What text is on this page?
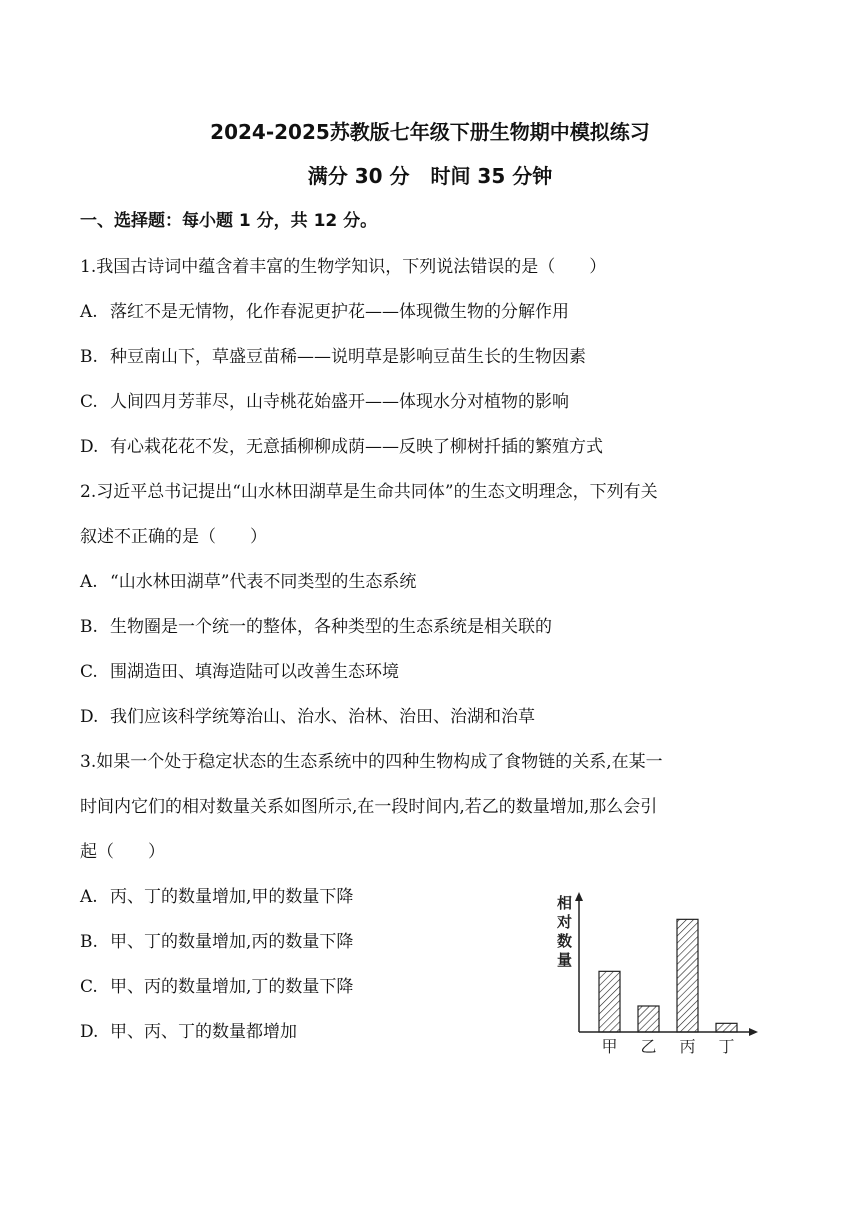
2024-2025苏教版七年级下册生物期中模拟练习
满分 30 分   时间 35 分钟
一、选择题：每小题 1 分，共 12 分。
1.我国古诗词中蕴含着丰富的生物学知识，下列说法错误的是（　　）
A. 落红不是无情物，化作春泥更护花——体现微生物的分解作用
B. 种豆南山下，草盛豆苗稀——说明草是影响豆苗生长的生物因素
C. 人间四月芳菲尽，山寺桃花始盛开——体现水分对植物的影响
D. 有心栽花花不发，无意插柳柳成荫——反映了柳树扦插的繁殖方式
2.习近平总书记提出“山水林田湖草是生命共同体”的生态文明理念，下列有关
叙述不正确的是（　　）
A. “山水林田湖草”代表不同类型的生态系统
B. 生物圈是一个统一的整体，各种类型的生态系统是相关联的
C. 围湖造田、填海造陆可以改善生态环境
D. 我们应该科学统筹治山、治水、治林、治田、治湖和治草
3.如果一个处于稳定状态的生态系统中的四种生物构成了食物链的关系,在某一
时间内它们的相对数量关系如图所示,在一段时间内,若乙的数量增加,那么会引
起（　　）
A. 丙、丁的数量增加,甲的数量下降
B. 甲、丁的数量增加,丙的数量下降
C. 甲、丙的数量增加,丁的数量下降
D. 甲、丙、丁的数量都增加
相
对
数
量
甲 乙 丙 丁
